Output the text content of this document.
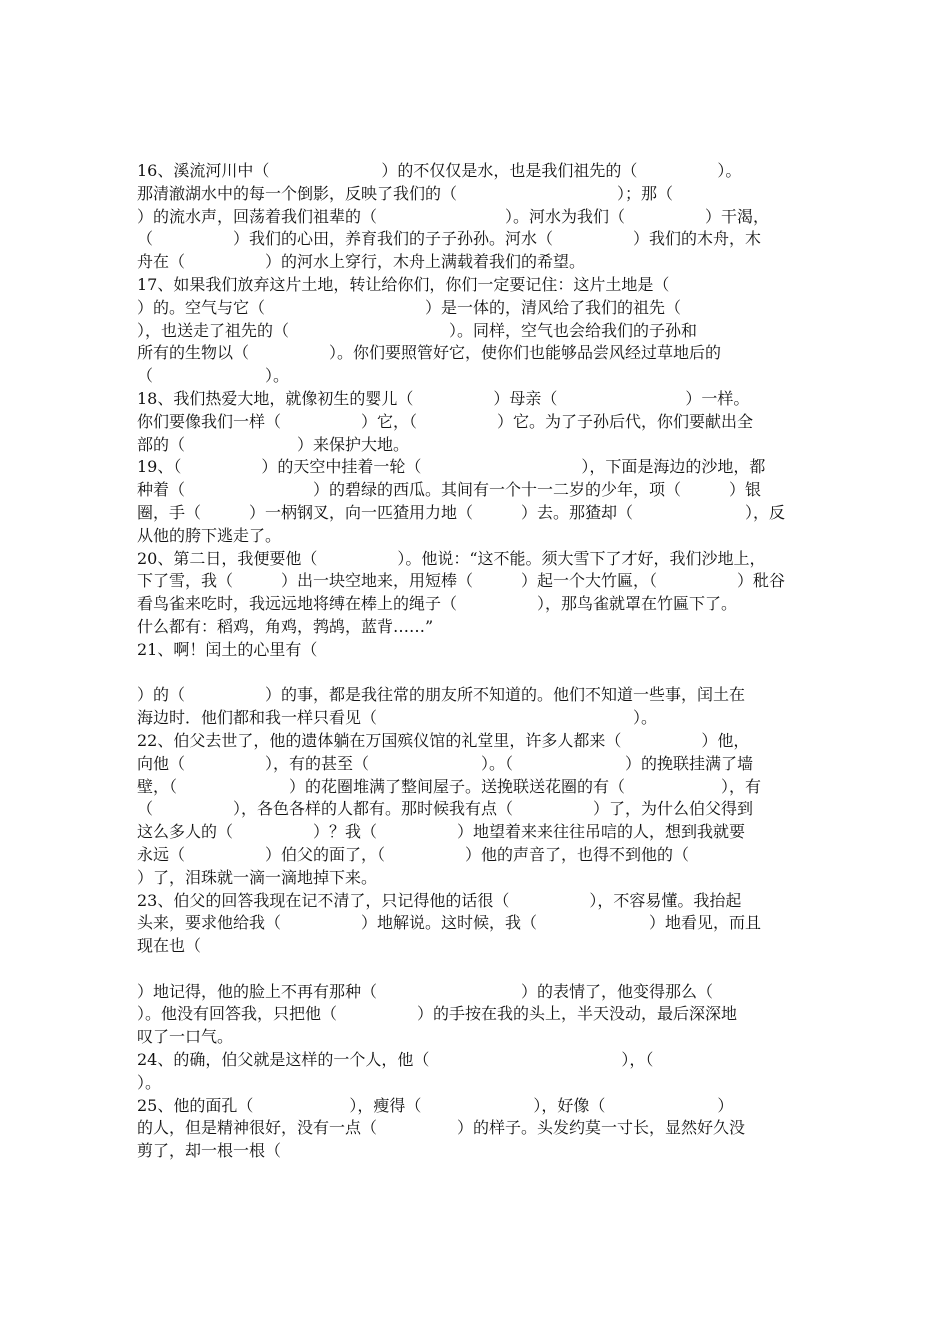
16、溪流河川中（　　　　　　　）的不仅仅是水，也是我们祖先的（　　　　　）。
那清澈湖水中的每一个倒影，反映了我们的（　　　　　　　　　　）；那（
）的流水声，回荡着我们祖辈的（　　　　　　　　）。河水为我们（　　　　　）干渴，
（　　　　　）我们的心田，养育我们的子子孙孙。河水（　　　　　）我们的木舟，木
舟在（　　　　　）的河水上穿行，木舟上满载着我们的希望。
17、如果我们放弃这片土地，转让给你们，你们一定要记住：这片土地是（
）的。空气与它（　　　　　　　　　　）是一体的，清风给了我们的祖先（
），也送走了祖先的（　　　　　　　　　　）。同样，空气也会给我们的子孙和
所有的生物以（　　　　　）。你们要照管好它，使你们也能够品尝风经过草地后的
（　　　　　　　）。
18、我们热爱大地，就像初生的婴儿（　　　　　）母亲（　　　　　　　　）一样。
你们要像我们一样（　　　　　）它，（　　　　　）它。为了子孙后代，你们要献出全
部的（　　　　　　　）来保护大地。
19、（　　　　　）的天空中挂着一轮（　　　　　　　　　　），下面是海边的沙地，都
种着（　　　　　　　　）的碧绿的西瓜。其间有一个十一二岁的少年，项（　　　）银
圈，手（　　　）一柄钢叉，向一匹猹用力地（　　　）去。那猹却（　　　　　　　），反
从他的胯下逃走了。
20、第二日，我便要他（　　　　　）。他说：“这不能。须大雪下了才好，我们沙地上，
下了雪，我（　　　）出一块空地来，用短棒（　　　）起一个大竹匾，（　　　　　）秕谷
看鸟雀来吃时，我远远地将缚在棒上的绳子（　　　　　），那鸟雀就罩在竹匾下了。
什么都有：稻鸡，角鸡，鹁鸪，蓝背……”
21、啊！闰土的心里有（
）的（　　　　　）的事，都是我往常的朋友所不知道的。他们不知道一些事，闰土在
海边时．他们都和我一样只看见（　　　　　　　　　　　　　　　　）。
22、伯父去世了，他的遗体躺在万国殡仪馆的礼堂里，许多人都来（　　　　　）他，
向他（　　　　　），有的甚至（　　　　　　　）。（　　　　　　　）的挽联挂满了墙
壁，（　　　　　　　）的花圈堆满了整间屋子。送挽联送花圈的有（　　　　　　），有
（　　　　　），各色各样的人都有。那时候我有点（　　　　　）了，为什么伯父得到
这么多人的（　　　　　）？我（　　　　　）地望着来来往往吊唁的人，想到我就要
永远（　　　　　）伯父的面了，（　　　　　）他的声音了，也得不到他的（
）了，泪珠就一滴一滴地掉下来。
23、伯父的回答我现在记不清了，只记得他的话很（　　　　　），不容易懂。我抬起
头来，要求他给我（　　　　　）地解说。这时候，我（　　　　　　　）地看见，而且
现在也（
）地记得，他的脸上不再有那种（　　　　　　　　　）的表情了，他变得那么（
）。他没有回答我，只把他（　　　　　）的手按在我的头上，半天没动，最后深深地
叹了一口气。
24、的确，伯父就是这样的一个人，他（　　　　　　　　　　　　），（
）。
25、他的面孔（　　　　　　），瘦得（　　　　　　　），好像（　　　　　　　）
的人，但是精神很好，没有一点（　　　　　）的样子。头发约莫一寸长，显然好久没
剪了，却一根一根（
